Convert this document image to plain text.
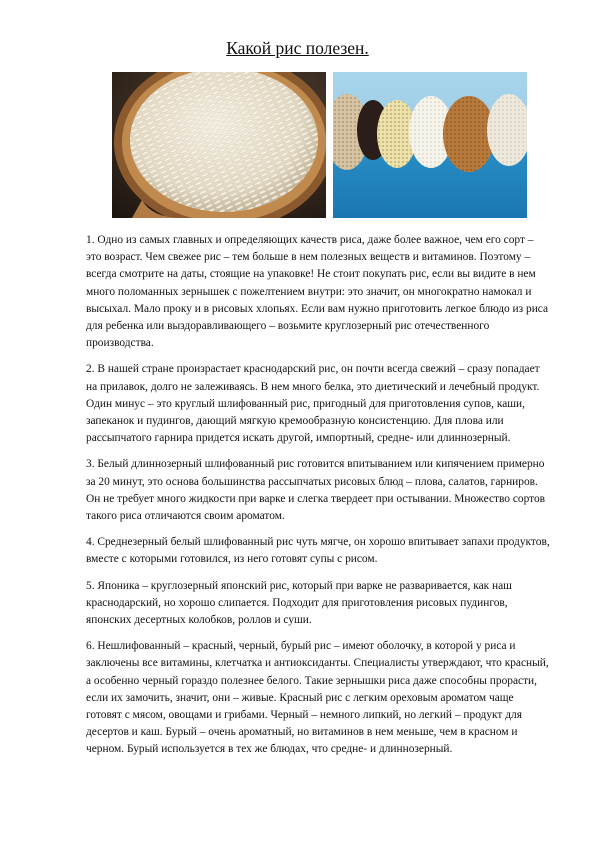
Какой рис полезен.

1. Одно из самых главных и определяющих качеств риса, даже более важное, чем его сорт – это возраст. Чем свежее рис – тем больше в нем полезных веществ и витаминов. Поэтому – всегда смотрите на даты, стоящие на упаковке! Не стоит покупать рис, если вы видите в нем много поломанных зернышек с пожелтением внутри: это значит, он многократно намокал и высыхал. Мало проку и в рисовых хлопьях. Если вам нужно приготовить легкое блюдо из риса для ребенка или выздоравливающего – возьмите круглозерный рис отечественного производства.

2. В нашей стране произрастает краснодарский рис, он почти всегда свежий – сразу попадает на прилавок, долго не залеживаясь. В нем много белка, это диетический и лечебный продукт. Один минус – это круглый шлифованный рис, пригодный для приготовления супов, каши, запеканок и пудингов, дающий мягкую кремообразную консистенцию. Для плова или рассыпчатого гарнира придется искать другой, импортный, средне- или длиннозерный.

3. Белый длиннозерный шлифованный рис готовится впитыванием или кипячением примерно за 20 минут, это основа большинства рассыпчатых рисовых блюд – плова, салатов, гарниров. Он не требует много жидкости при варке и слегка твердеет при остывании. Множество сортов такого риса отличаются своим ароматом.

4. Среднезерный белый шлифованный рис чуть мягче, он хорошо впитывает запахи продуктов, вместе с которыми готовился, из него готовят супы с рисом.

5. Японика – круглозерный японский рис, который при варке не разваривается, как наш краснодарский, но хорошо слипается. Подходит для приготовления рисовых пудингов, японских десертных колобков, роллов и суши.

6. Нешлифованный – красный, черный, бурый рис – имеют оболочку, в которой у риса и заключены все витамины, клетчатка и антиоксиданты. Специалисты утверждают, что красный, а особенно черный гораздо полезнее белого. Такие зернышки риса даже способны прорасти, если их замочить, значит, они – живые. Красный рис с легким ореховым ароматом чаще готовят с мясом, овощами и грибами. Черный – немного липкий, но легкий – продукт для десертов и каш. Бурый – очень ароматный, но витаминов в нем меньше, чем в красном и черном. Бурый используется в тех же блюдах, что средне- и длиннозерный.
